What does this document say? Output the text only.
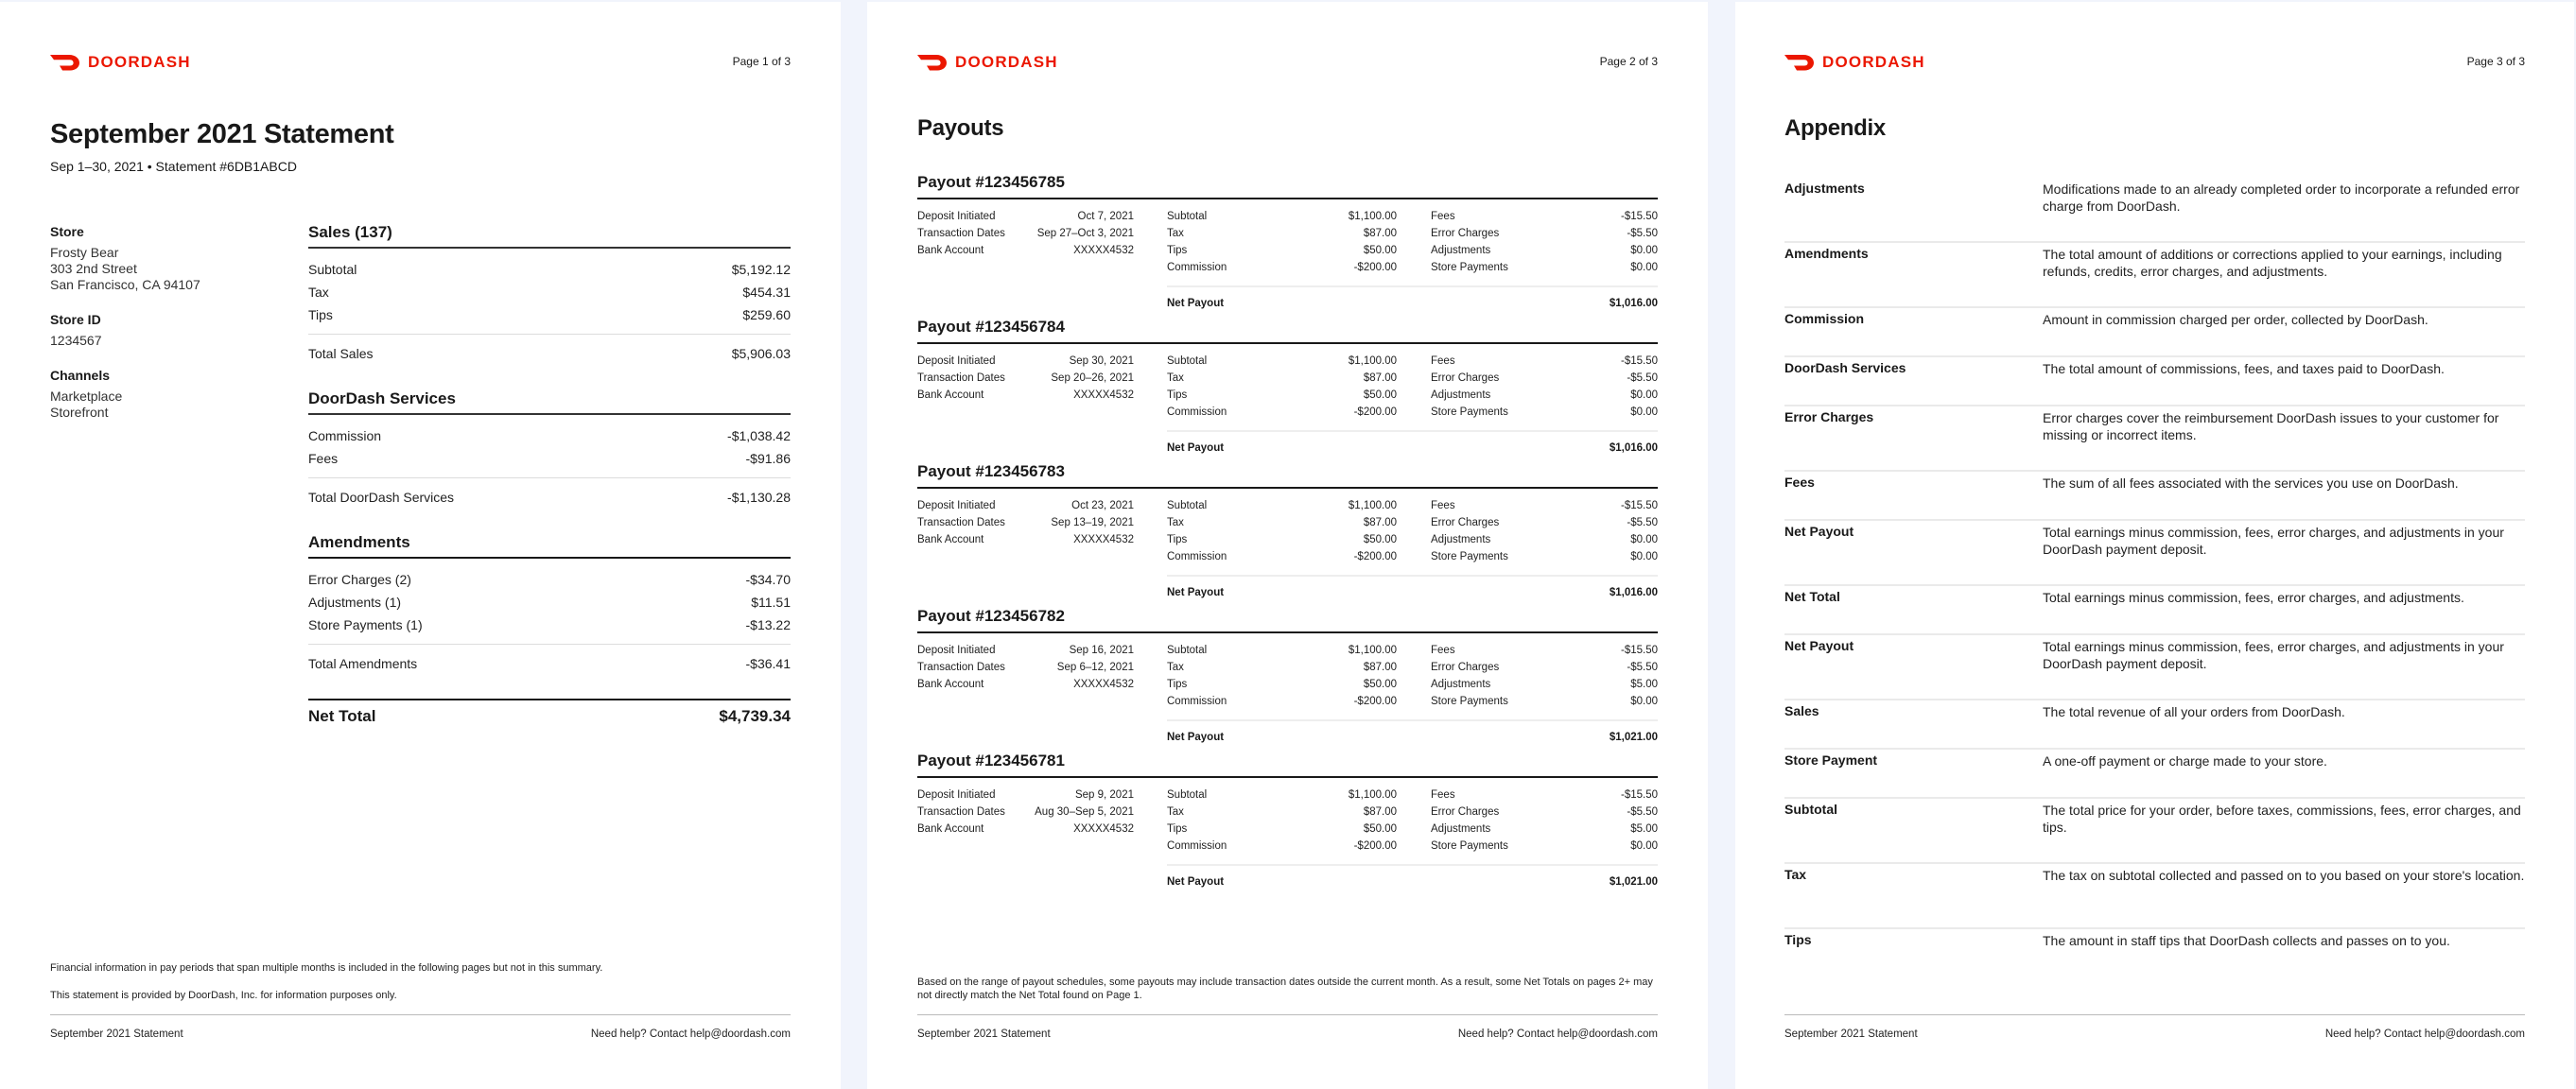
DOORDASH	Page 1 of 3
September 2021 Statement
Sep 1–30, 2021 • Statement #6DB1ABCD
Store
Frosty Bear
303 2nd Street
San Francisco, CA 94107
Store ID
1234567
Channels
Marketplace
Storefront
Sales (137)
Subtotal	$5,192.12
Tax	$454.31
Tips	$259.60
Total Sales	$5,906.03
DoorDash Services
Commission	-$1,038.42
Fees	-$91.86
Total DoorDash Services	-$1,130.28
Amendments
Error Charges (2)	-$34.70
Adjustments (1)	$11.51
Store Payments (1)	-$13.22
Total Amendments	-$36.41
Net Total	$4,739.34
Financial information in pay periods that span multiple months is included in the following pages but not in this summary.
This statement is provided by DoorDash, Inc. for information purposes only.
September 2021 Statement	Need help? Contact help@doordash.com
DOORDASH	Page 2 of 3
Payouts
Payout #123456785
Deposit Initiated	Oct 7, 2021
Transaction Dates	Sep 27–Oct 3, 2021
Bank Account	XXXXX4532
Subtotal	$1,100.00
Tax	$87.00
Tips	$50.00
Commission	-$200.00
Fees	-$15.50
Error Charges	-$5.50
Adjustments	$0.00
Store Payments	$0.00
Net Payout	$1,016.00
Payout #123456784
Deposit Initiated	Sep 30, 2021
Transaction Dates	Sep 20–26, 2021
Bank Account	XXXXX4532
Subtotal	$1,100.00
Tax	$87.00
Tips	$50.00
Commission	-$200.00
Fees	-$15.50
Error Charges	-$5.50
Adjustments	$0.00
Store Payments	$0.00
Net Payout	$1,016.00
Payout #123456783
Deposit Initiated	Oct 23, 2021
Transaction Dates	Sep 13–19, 2021
Bank Account	XXXXX4532
Subtotal	$1,100.00
Tax	$87.00
Tips	$50.00
Commission	-$200.00
Fees	-$15.50
Error Charges	-$5.50
Adjustments	$0.00
Store Payments	$0.00
Net Payout	$1,016.00
Payout #123456782
Deposit Initiated	Sep 16, 2021
Transaction Dates	Sep 6–12, 2021
Bank Account	XXXXX4532
Subtotal	$1,100.00
Tax	$87.00
Tips	$50.00
Commission	-$200.00
Fees	-$15.50
Error Charges	-$5.50
Adjustments	$5.00
Store Payments	$0.00
Net Payout	$1,021.00
Payout #123456781
Deposit Initiated	Sep 9, 2021
Transaction Dates	Aug 30–Sep 5, 2021
Bank Account	XXXXX4532
Subtotal	$1,100.00
Tax	$87.00
Tips	$50.00
Commission	-$200.00
Fees	-$15.50
Error Charges	-$5.50
Adjustments	$5.00
Store Payments	$0.00
Net Payout	$1,021.00
Based on the range of payout schedules, some payouts may include transaction dates outside the current month. As a result, some Net Totals on pages 2+ may not directly match the Net Total found on Page 1.
September 2021 Statement	Need help? Contact help@doordash.com
DOORDASH	Page 3 of 3
Appendix
Adjustments	Modifications made to an already completed order to incorporate a refunded error charge from DoorDash.
Amendments	The total amount of additions or corrections applied to your earnings, including refunds, credits, error charges, and adjustments.
Commission	Amount in commission charged per order, collected by DoorDash.
DoorDash Services	The total amount of commissions, fees, and taxes paid to DoorDash.
Error Charges	Error charges cover the reimbursement DoorDash issues to your customer for missing or incorrect items.
Fees	The sum of all fees associated with the services you use on DoorDash.
Net Payout	Total earnings minus commission, fees, error charges, and adjustments in your DoorDash payment deposit.
Net Total	Total earnings minus commission, fees, error charges, and adjustments.
Net Payout	Total earnings minus commission, fees, error charges, and adjustments in your DoorDash payment deposit.
Sales	The total revenue of all your orders from DoorDash.
Store Payment	A one-off payment or charge made to your store.
Subtotal	The total price for your order, before taxes, commissions, fees, error charges, and tips.
Tax	The tax on subtotal collected and passed on to you based on your store's location.
Tips	The amount in staff tips that DoorDash collects and passes on to you.
September 2021 Statement	Need help? Contact help@doordash.com
